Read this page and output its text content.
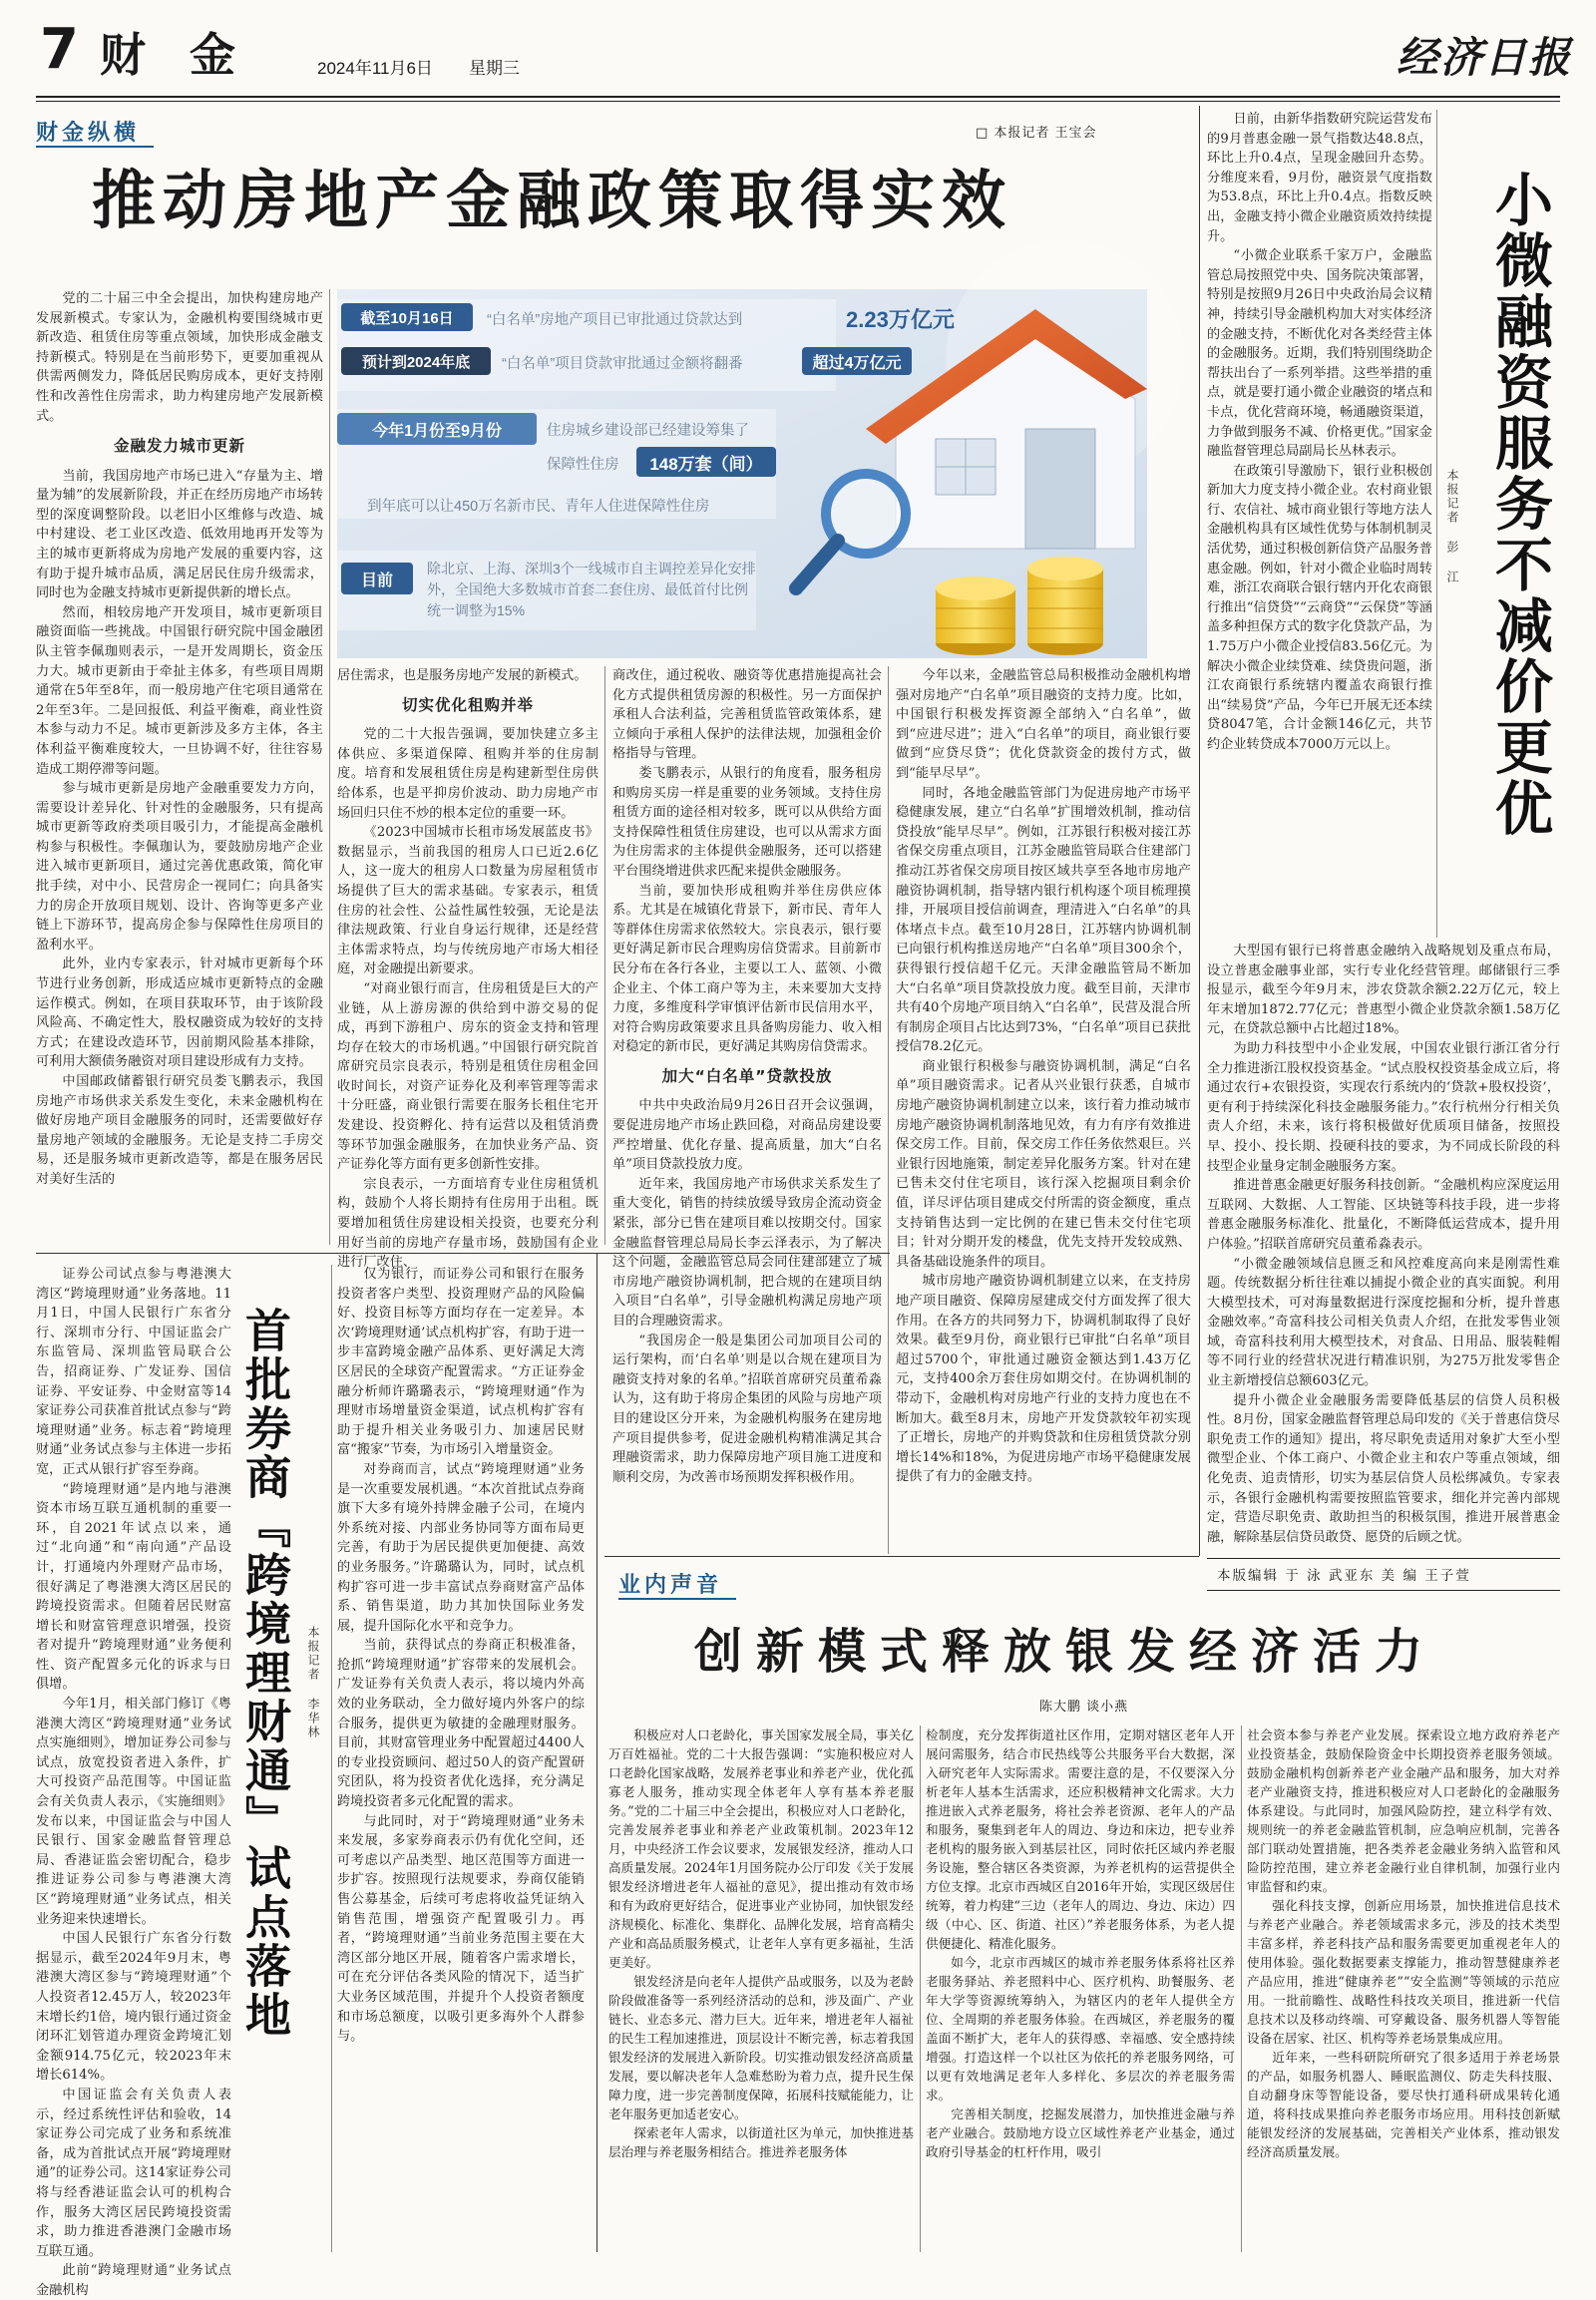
7 财 金	2024年11月6日 星期三	经济日报
财金纵横	□ 本报记者 王宝会
推动房地产金融政策取得实效

党的二十届三中全会提出，加快构建房地产发展新模式。专家认为，金融机构要围绕城市更新改造、租赁住房等重点领域，加快形成金融支持新模式。特别是在当前形势下，更要加重视从供需两侧发力，降低居民购房成本，更好支持刚性和改善性住房需求，助力构建房地产发展新模式。

金融发力城市更新

当前，我国房地产市场已进入“存量为主、增量为辅”的发展新阶段，并正在经历房地产市场转型的深度调整阶段。以老旧小区维修与改造、城中村建设、老工业区改造、低效用地再开发等为主的城市更新将成为房地产发展的重要内容，这有助于提升城市品质，满足居民住房升级需求，同时也为金融支持城市更新提供新的增长点。

然而，相较房地产开发项目，城市更新项目融资面临一些挑战。中国银行研究院中国金融团队主管李佩珈则表示，一是开发周期长，资金压力大。城市更新由于牵扯主体多，有些项目周期通常在5年至8年，而一般房地产住宅项目通常在2年至3年。二是回报低、利益平衡难，商业性资本参与动力不足。城市更新涉及多方主体，各主体利益平衡难度较大，一旦协调不好，往往容易造成工期停滞等问题。

参与城市更新是房地产金融重要发力方向，需要设计差异化、针对性的金融服务，只有提高城市更新等政府类项目吸引力，才能提高金融机构参与积极性。李佩珈认为，要鼓励房地产企业进入城市更新项目，通过完善优惠政策，简化审批手续，对中小、民营房企一视同仁；向具备实力的房企开放项目规划、设计、咨询等更多产业链上下游环节，提高房企参与保障性住房项目的盈利水平。

此外，业内专家表示，针对城市更新每个环节进行业务创新，形成适应城市更新特点的金融运作模式。例如，在项目获取环节，由于该阶段风险高、不确定性大，股权融资成为较好的支持方式；在建设改造环节，因前期风险基本排除，可利用大额债务融资对项目建设形成有力支持。

中国邮政储蓄银行研究员娄飞鹏表示，我国房地产市场供求关系发生变化，未来金融机构在做好房地产项目金融服务的同时，还需要做好存量房地产领域的金融服务。无论是支持二手房交易，还是服务城市更新改造等，都是在服务居民对美好生活的

截至10月16日	“白名单”房地产项目已审批通过贷款达到	2.23万亿元
预计到2024年底	“白名单”项目贷款审批通过金额将翻番	超过4万亿元
今年1月份至9月份	住房城乡建设部已经建设筹集了
保障性住房	148万套（间）
到年底可以让450万名新市民、青年人住进保障性住房
目前
除北京、上海、深圳3个一线城市自主调控差异化安排外，全国绝大多数城市首套二套住房、最低首付比例统一调整为15%

居住需求，也是服务房地产发展的新模式。

切实优化租购并举

党的二十大报告强调，要加快建立多主体供应、多渠道保障、租购并举的住房制度。培育和发展租赁住房是构建新型住房供给体系，也是平抑房价波动、助力房地产市场回归只住不炒的根本定位的重要一环。

《2023中国城市长租市场发展蓝皮书》数据显示，当前我国的租房人口已近2.6亿人，这一庞大的租房人口数量为房屋租赁市场提供了巨大的需求基础。专家表示，租赁住房的社会性、公益性属性较强，无论是法律法规政策、行业自身运行规律，还是经营主体需求特点，均与传统房地产市场大相径庭，对金融提出新要求。

“对商业银行而言，住房租赁是巨大的产业链，从上游房源的供给到中游交易的促成，再到下游租户、房东的资金支持和管理均存在较大的市场机遇。”中国银行研究院首席研究员宗良表示，特别是租赁住房租金回收时间长，对资产证券化及利率管理等需求十分旺盛，商业银行需要在服务长租住宅开发建设、投资孵化、持有运营以及租赁消费等环节加强金融服务，在加快业务产品、资产证券化等方面有更多创新性安排。

宗良表示，一方面培育专业住房租赁机构，鼓励个人将长期持有住房用于出租。既要增加租赁住房建设相关投资，也要充分利用好当前的房地产存量市场，鼓励国有企业进行厂改住、

商改住，通过税收、融资等优惠措施提高社会化方式提供租赁房源的积极性。另一方面保护承租人合法利益，完善租赁监管政策体系，建立倾向于承租人保护的法律法规，加强租金价格指导与管理。

娄飞鹏表示，从银行的角度看，服务租房和购房买房一样是重要的业务领域。支持住房租赁方面的途径相对较多，既可以从供给方面支持保障性租赁住房建设，也可以从需求方面为住房需求的主体提供金融服务，还可以搭建平台围绕增进供求匹配来提供金融服务。

当前，要加快形成租购并举住房供应体系。尤其是在城镇化背景下，新市民、青年人等群体住房需求依然较大。宗良表示，银行要更好满足新市民合理购房信贷需求。目前新市民分布在各行各业，主要以工人、蓝领、小微企业主、个体工商户等为主，未来要加大支持力度，多维度科学审慎评估新市民信用水平，对符合购房政策要求且具备购房能力、收入相对稳定的新市民，更好满足其购房信贷需求。

加大“白名单”贷款投放

中共中央政治局9月26日召开会议强调，要促进房地产市场止跌回稳，对商品房建设要严控增量、优化存量、提高质量，加大“白名单”项目贷款投放力度。

近年来，我国房地产市场供求关系发生了重大变化，销售的持续放缓导致房企流动资金紧张，部分已售在建项目难以按期交付。国家金融监督管理总局局长李云泽表示，为了解决这个问题，金融监管总局会同住建部建立了城市房地产融资协调机制，把合规的在建项目纳入项目“白名单”，引导金融机构满足房地产项目的合理融资需求。

“我国房企一般是集团公司加项目公司的运行架构，而‘白名单’则是以合规在建项目为融资支持对象的名单。”招联首席研究员董希淼认为，这有助于将房企集团的风险与房地产项目的建设区分开来，为金融机构服务在建房地产项目提供参考，促进金融机构精准满足其合理融资需求，助力保障房地产项目施工进度和顺利交房，为改善市场预期发挥积极作用。

今年以来，金融监管总局积极推动金融机构增强对房地产“白名单”项目融资的支持力度。比如，中国银行积极发挥资源全部纳入“白名单”，做到“应进尽进”；进入“白名单”的项目，商业银行要做到“应贷尽贷”；优化贷款资金的拨付方式，做到“能早尽早”。

同时，各地金融监管部门为促进房地产市场平稳健康发展，建立“白名单”扩围增效机制，推动信贷投放“能早尽早”。例如，江苏银行积极对接江苏省保交房重点项目，江苏金融监管局联合住建部门推动江苏省保交房项目按区域共享至各地市房地产融资协调机制，指导辖内银行机构逐个项目梳理摸排，开展项目授信前调查，理清进入“白名单”的具体堵点卡点。截至10月28日，江苏辖内协调机制已向银行机构推送房地产“白名单”项目300余个，获得银行授信超千亿元。天津金融监管局不断加大“白名单”项目贷款投放力度。截至目前，天津市共有40个房地产项目纳入“白名单”，民营及混合所有制房企项目占比达到73%，“白名单”项目已获批授信78.2亿元。

商业银行积极参与融资协调机制，满足“白名单”项目融资需求。记者从兴业银行获悉，自城市房地产融资协调机制建立以来，该行着力推动城市房地产融资协调机制落地见效，有力有序有效推进保交房工作。目前，保交房工作任务依然艰巨。兴业银行因地施策，制定差异化服务方案。针对在建已售未交付住宅项目，该行深入挖掘项目剩余价值，详尽评估项目建成交付所需的资金额度，重点支持销售达到一定比例的在建已售未交付住宅项目；针对分期开发的楼盘，优先支持开发较成熟、具备基础设施条件的项目。

城市房地产融资协调机制建立以来，在支持房地产项目融资、保障房屋建成交付方面发挥了很大作用。在各方的共同努力下，协调机制取得了良好效果。截至9月份，商业银行已审批“白名单”项目超过5700个，审批通过融资金额达到1.43万亿元，支持400余万套住房如期交付。在协调机制的带动下，金融机构对房地产行业的支持力度也在不断加大。截至8月末，房地产开发贷款较年初实现了正增长，房地产的并购贷款和住房租赁贷款分别增长14%和18%，为促进房地产市场平稳健康发展提供了有力的金融支持。

日前，由新华指数研究院运营发布的9月普惠金融一景气指数达48.8点，环比上升0.4点，呈现金融回升态势。分维度来看，9月份，融资景气度指数为53.8点，环比上升0.4点。指数反映出，金融支持小微企业融资质效持续提升。

“小微企业联系千家万户，金融监管总局按照党中央、国务院决策部署，特别是按照9月26日中央政治局会议精神，持续引导金融机构加大对实体经济的金融支持，不断优化对各类经营主体的金融服务。近期，我们特别围绕助企帮扶出台了一系列举措。这些举措的重点，就是要打通小微企业融资的堵点和卡点，优化营商环境，畅通融资渠道，力争做到服务不减、价格更优。”国家金融监督管理总局副局长丛林表示。

在政策引导激励下，银行业积极创新加大力度支持小微企业。农村商业银行、农信社、城市商业银行等地方法人金融机构具有区域性优势与体制机制灵活优势，通过积极创新信贷产品服务普惠金融。例如，针对小微企业临时周转难，浙江农商联合银行辖内开化农商银行推出“信贷贷”“云商贷”“云保贷”等涵盖多种担保方式的数字化贷款产品，为1.75万户小微企业授信83.56亿元。为解决小微企业续贷难、续贷贵问题，浙江农商银行系统辖内覆盖农商银行推出“续易贷”产品，今年已开展无还本续贷8047笔，合计金额146亿元，共节约企业转贷成本7000万元以上。

本报记者 彭 江 小微融资服务不减价更优

大型国有银行已将普惠金融纳入战略规划及重点布局，设立普惠金融事业部，实行专业化经营管理。邮储银行三季报显示，截至今年9月末，涉农贷款余额2.22万亿元，较上年末增加1872.77亿元；普惠型小微企业贷款余额1.58万亿元，在贷款总额中占比超过18%。

为助力科技型中小企业发展，中国农业银行浙江省分行全力推进浙江股权投资基金。“试点股权投资基金成立后，将通过农行+农银投资，实现农行系统内的‘贷款+股权投资’，更有利于持续深化科技金融服务能力。”农行杭州分行相关负责人介绍，未来，该行将积极做好优质项目储备，按照投早、投小、投长期、投硬科技的要求，为不同成长阶段的科技型企业量身定制金融服务方案。

推进普惠金融更好服务科技创新。“金融机构应深度运用互联网、大数据、人工智能、区块链等科技手段，进一步将普惠金融服务标准化、批量化，不断降低运营成本，提升用户体验。”招联首席研究员董希淼表示。

“小微金融领域信息匮乏和风控难度高向来是刚需性难题。传统数据分析往往难以捕捉小微企业的真实面貌。利用大模型技术，可对海量数据进行深度挖掘和分析，提升普惠金融效率。”奇富科技公司相关负责人介绍，在批发零售业领域，奇富科技利用大模型技术，对食品、日用品、服装鞋帽等不同行业的经营状况进行精准识别，为275万批发零售企业主新增授信总额603亿元。

提升小微企业金融服务需要降低基层的信贷人员积极性。8月份，国家金融监督管理总局印发的《关于普惠信贷尽职免责工作的通知》提出，将尽职免责适用对象扩大至小型微型企业、个体工商户、小微企业主和农户等重点领域，细化免责、追责情形，切实为基层信贷人员松绑减负。专家表示，各银行金融机构需要按照监管要求，细化并完善内部规定，营造尽职免责、敢助担当的积极氛围，推进开展普惠金融，解除基层信贷员敢贷、愿贷的后顾之忧。

本版编辑 于 泳 武亚东 美 编 王子萱

证券公司试点参与粤港澳大湾区“跨境理财通”业务落地。11月1日，中国人民银行广东省分行、深圳市分行、中国证监会广东监管局、深圳监管局联合公告，招商证券、广发证券、国信证券、平安证券、中金财富等14家证券公司获准首批试点参与“跨境理财通”业务。标志着“跨境理财通”业务试点参与主体进一步拓宽，正式从银行扩容至券商。

“跨境理财通”是内地与港澳资本市场互联互通机制的重要一环，自2021年试点以来，通过“北向通”和“南向通”产品设计，打通境内外理财产品市场，很好满足了粤港澳大湾区居民的跨境投资需求。但随着居民财富增长和财富管理意识增强，投资者对提升“跨境理财通”业务便利性、资产配置多元化的诉求与日俱增。

今年1月，相关部门修订《粤港澳大湾区“跨境理财通”业务试点实施细则》，增加证券公司参与试点，放宽投资者进入条件，扩大可投资产品范围等。中国证监会有关负责人表示，《实施细则》发布以来，中国证监会与中国人民银行、国家金融监督管理总局、香港证监会密切配合，稳步推进证券公司参与粤港澳大湾区“跨境理财通”业务试点，相关业务迎来快速增长。

中国人民银行广东省分行数据显示，截至2024年9月末，粤港澳大湾区参与“跨境理财通”个人投资者12.45万人，较2023年末增长约1倍，境内银行通过资金闭环汇划管道办理资金跨境汇划金额914.75亿元，较2023年末增长614%。

中国证监会有关负责人表示，经过系统性评估和验收，14家证券公司完成了业务和系统准备，成为首批试点开展“跨境理财通”的证券公司。这14家证券公司将与经香港证监会认可的机构合作，服务大湾区居民跨境投资需求，助力推进香港澳门金融市场互联互通。

此前“跨境理财通”业务试点金融机构

首批券商『跨境理财通』试点落地 本报记者 李华林

仅为银行，而证券公司和银行在服务投资者客户类型、投资理财产品的风险偏好、投资目标等方面均存在一定差异。本次‘跨境理财通’试点机构扩容，有助于进一步丰富跨境金融产品体系、更好满足大湾区居民的全球资产配置需求。“方正证券金融分析师许璐璐表示，“跨境理财通”作为理财市场增量资金渠道，试点机构扩容有助于提升相关业务吸引力、加速居民财富“搬家”节奏，为市场引入增量资金。

对券商而言，试点“跨境理财通”业务是一次重要发展机遇。“本次首批试点券商旗下大多有境外持牌金融子公司，在境内外系统对接、内部业务协同等方面布局更完善，有助于为居民提供更加便捷、高效的业务服务。”许璐璐认为，同时，试点机构扩容可进一步丰富试点券商财富产品体系、销售渠道，助力其加快国际业务发展，提升国际化水平和竞争力。

当前，获得试点的券商正积极准备，抢抓“跨境理财通”扩容带来的发展机会。广发证券有关负责人表示，将以境内外高效的业务联动，全力做好境内外客户的综合服务，提供更为敏捷的金融理财服务。目前，其财富管理业务中配置超过4400人的专业投资顾问、超过50人的资产配置研究团队，将为投资者优化选择，充分满足跨境投资者多元化配置的需求。

与此同时，对于“跨境理财通”业务未来发展，多家券商表示仍有优化空间，还可考虑以产品类型、地区范围等方面进一步扩容。按照现行法规要求，券商仅能销售公募基金，后续可考虑将收益凭证纳入销售范围，增强资产配置吸引力。再者，“跨境理财通”当前业务范围主要在大湾区部分地区开展，随着客户需求增长，可在充分评估各类风险的情况下，适当扩大业务区域范围，并提升个人投资者额度和市场总额度，以吸引更多海外个人群参与。

业内声音
创新模式释放银发经济活力
陈大鹏 谈小燕

积极应对人口老龄化，事关国家发展全局，事关亿万百姓福祉。党的二十大报告强调：“实施积极应对人口老龄化国家战略，发展养老事业和养老产业，优化孤寡老人服务，推动实现全体老年人享有基本养老服务。”党的二十届三中全会提出，积极应对人口老龄化，完善发展养老事业和养老产业政策机制。2023年12月，中央经济工作会议要求，发展银发经济，推动人口高质量发展。2024年1月国务院办公厅印发《关于发展银发经济增进老年人福祉的意见》，提出推动有效市场和有为政府更好结合，促进事业产业协同，加快银发经济规模化、标准化、集群化、品牌化发展，培育高精尖产业和高品质服务模式，让老年人享有更多福祉，生活更美好。

银发经济是向老年人提供产品或服务，以及为老龄阶段做准备等一系列经济活动的总和，涉及面广、产业链长、业态多元、潜力巨大。近年来，增进老年人福祉的民生工程加速推进，顶层设计不断完善，标志着我国银发经济的发展进入新阶段。切实推动银发经济高质量发展，要以解决老年人急难愁盼为着力点，提升民生保障力度，进一步完善制度保障，拓展科技赋能能力，让老年服务更加适老安心。

探索老年人需求，以街道社区为单元，加快推进基层治理与养老服务相结合。推进养老服务体

检制度，充分发挥街道社区作用，定期对辖区老年人开展问需服务，结合市民热线等公共服务平台大数据，深入研究老年人实际需求。需要注意的是，不仅要深入分析老年人基本生活需求，还应积极精神文化需求。大力推进嵌入式养老服务，将社会养老资源、老年人的产品和服务，聚集到老年人的周边、身边和床边，把专业养老机构的服务嵌入到基层社区，同时依托区域内养老服务设施，整合辖区各类资源，为养老机构的运营提供全方位支撑。北京市西城区自2016年开始，实现区级居住统筹，着力构建“三边（老年人的周边、身边、床边）四级（中心、区、街道、社区）”养老服务体系，为老人提供便捷化、精准化服务。

如今，北京市西城区的城市养老服务体系将社区养老服务驿站、养老照料中心、医疗机构、助餐服务、老年大学等资源统筹纳入，为辖区内的老年人提供全方位、全周期的养老服务体验。在西城区，养老服务的覆盖面不断扩大，老年人的获得感、幸福感、安全感持续增强。打造这样一个以社区为依托的养老服务网络，可以更有效地满足老年人多样化、多层次的养老服务需求。

完善相关制度，挖掘发展潜力，加快推进金融与养老产业融合。鼓励地方设立区域性养老产业基金，通过政府引导基金的杠杆作用，吸引

社会资本参与养老产业发展。探索设立地方政府养老产业投资基金，鼓励保险资金中长期投资养老服务领域。鼓励金融机构创新养老产业金融产品和服务，加大对养老产业融资支持，推进积极应对人口老龄化的金融服务体系建设。与此同时，加强风险防控，建立科学有效、规则统一的养老金融监管机制，应急响应机制，完善各部门联动处置措施，把各类养老金融业务纳入监管和风险防控范围，建立养老金融行业自律机制，加强行业内审监督和约束。

强化科技支撑，创新应用场景，加快推进信息技术与养老产业融合。养老领域需求多元，涉及的技术类型丰富多样，养老科技产品和服务需要更加重视老年人的使用体验。强化数据要素支撑能力，推动智慧健康养老产品应用，推进“健康养老”“安全监测”等领域的示范应用。一批前瞻性、战略性科技攻关项目，推进新一代信息技术以及移动终端、可穿戴设备、服务机器人等智能设备在居家、社区、机构等养老场景集成应用。

近年来，一些科研院所研究了很多适用于养老场景的产品，如服务机器人、睡眠监测仪、防走失科技服、自动翻身床等智能设备，要尽快打通科研成果转化通道，将科技成果推向养老服务市场应用。用科技创新赋能银发经济的发展基础，完善相关产业体系，推动银发经济高质量发展。
